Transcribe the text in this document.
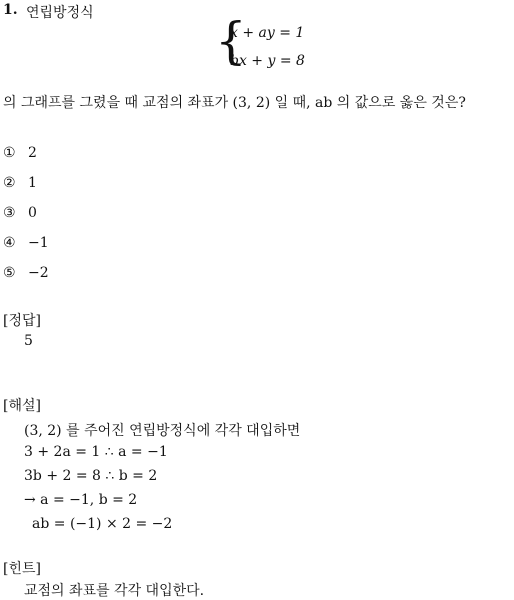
1. 연립방정식 {
x + ay = 1
bx + y = 8
의 그래프를 그렸을 때 교점의 좌표가 (3, 2) 일 때, ab 의 값으로 옳은 것은?
① 2
② 1
③ 0
④ −1
⑤ −2
[정답]
5
[해설]
(3, 2) 를 주어진 연립방정식에 각각 대입하면
3 + 2a = 1 ∴ a = −1
3b + 2 = 8 ∴ b = 2
→ a = −1, b = 2
ab = (−1) × 2 = −2
[힌트]
교점의 좌표를 각각 대입한다.
